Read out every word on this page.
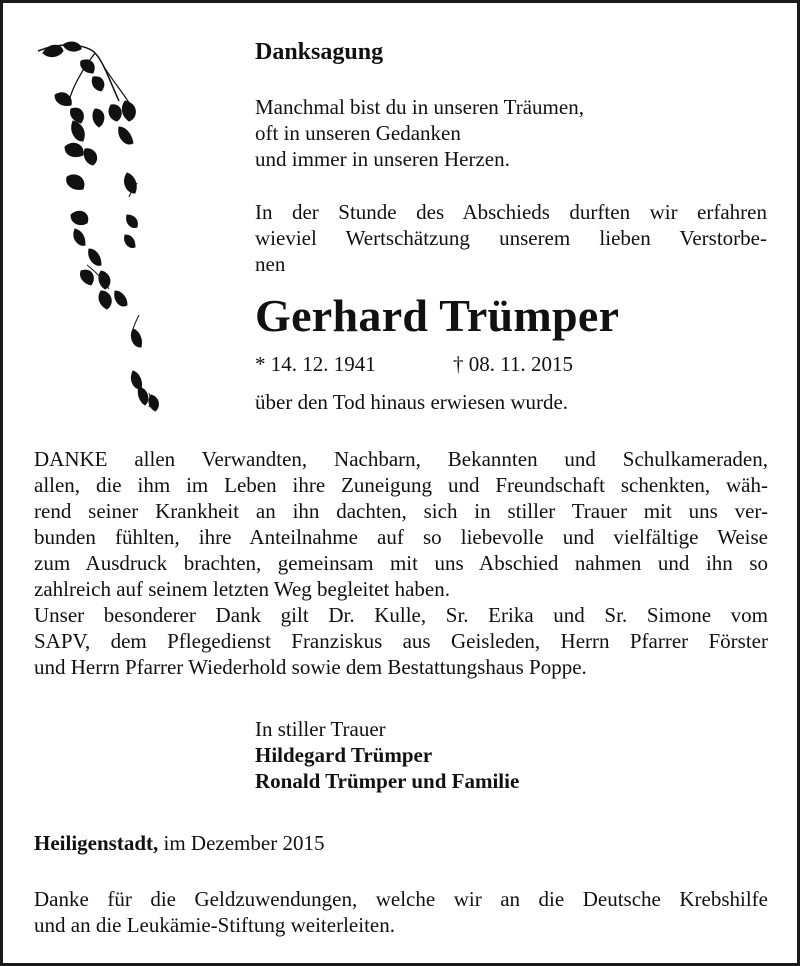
Danksagung

Manchmal bist du in unseren Träumen,
oft in unseren Gedanken
und immer in unseren Herzen.
In der Stunde des Abschieds durften wir erfahren
wieviel Wertschätzung unserem lieben Verstorbe-

nen

Gerhard Trümper

* 14. 12. 1941	† 08. 11. 2015

über den Tod hinaus erwiesen wurde.

DANKE allen Verwandten, Nachbarn, Bekannten und Schulkameraden,
allen, die ihm im Leben ihre Zuneigung und Freundschaft schenkten, wäh-
rend seiner Krankheit an ihn dachten, sich in stiller Trauer mit uns ver-
bunden fühlten, ihre Anteilnahme auf so liebevolle und vielfältige Weise
zum Ausdruck brachten, gemeinsam mit uns Abschied nahmen und ihn so

zahlreich auf seinem letzten Weg begleitet haben.

Unser besonderer Dank gilt Dr. Kulle, Sr. Erika und Sr. Simone vom
SAPV, dem Pflegedienst Franziskus aus Geisleden, Herrn Pfarrer Förster

und Herrn Pfarrer Wiederhold sowie dem Bestattungshaus Poppe.

In stiller Trauer

Hildegard Trümper

Ronald Trümper und Familie

Heiligenstadt, im Dezember 2015

Danke für die Geldzuwendungen, welche wir an die Deutsche Krebshilfe

und an die Leukämie-Stiftung weiterleiten.
